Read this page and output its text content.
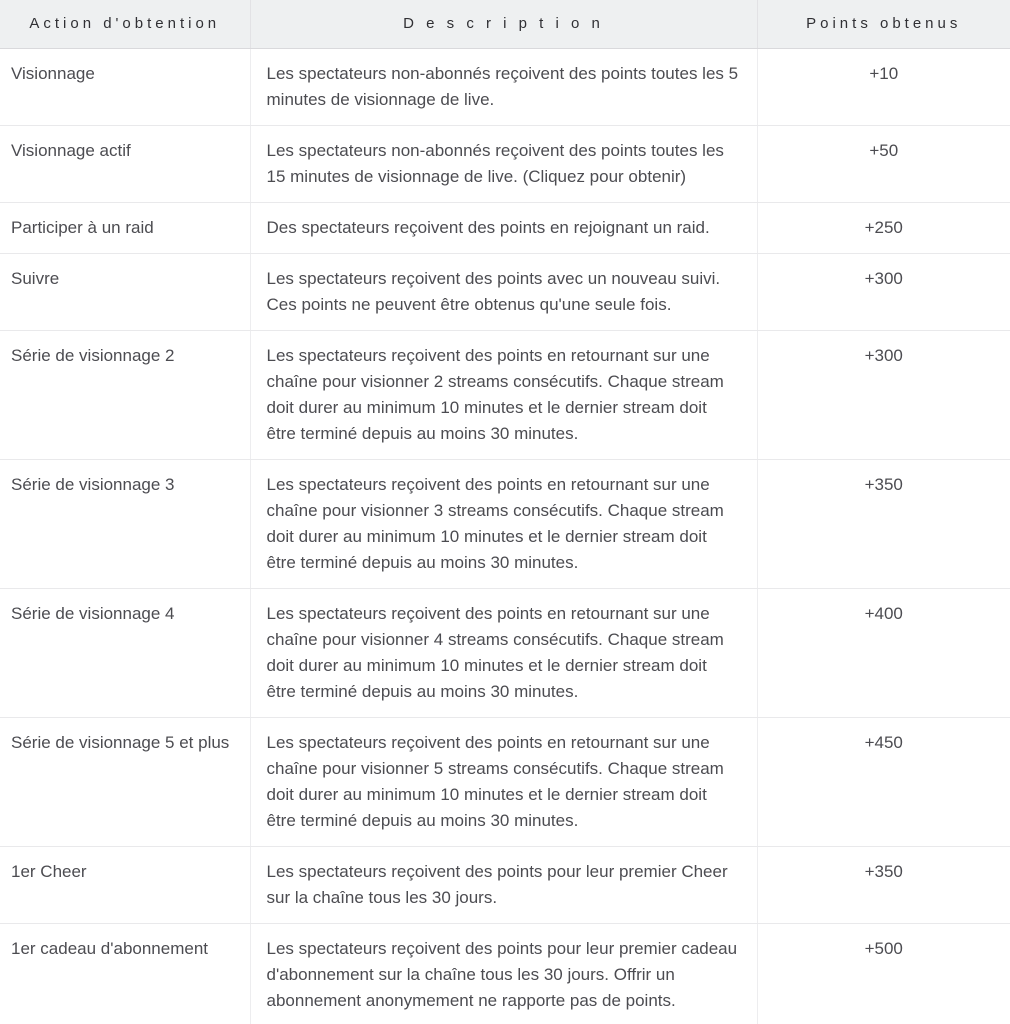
Action d'obtention	D e s c r i p t i o n	Points obtenus
Visionnage	Les spectateurs non-abonnés reçoivent des points toutes les 5 minutes de visionnage de live.	+10
Visionnage actif	Les spectateurs non-abonnés reçoivent des points toutes les 15 minutes de visionnage de live. (Cliquez pour obtenir)	+50
Participer à un raid	Des spectateurs reçoivent des points en rejoignant un raid.	+250
Suivre	Les spectateurs reçoivent des points avec un nouveau suivi. Ces points ne peuvent être obtenus qu'une seule fois.	+300
Série de visionnage 2	Les spectateurs reçoivent des points en retournant sur une chaîne pour visionner 2 streams consécutifs. Chaque stream doit durer au minimum 10 minutes et le dernier stream doit être terminé depuis au moins 30 minutes.	+300
Série de visionnage 3	Les spectateurs reçoivent des points en retournant sur une chaîne pour visionner 3 streams consécutifs. Chaque stream doit durer au minimum 10 minutes et le dernier stream doit être terminé depuis au moins 30 minutes.	+350
Série de visionnage 4	Les spectateurs reçoivent des points en retournant sur une chaîne pour visionner 4 streams consécutifs. Chaque stream doit durer au minimum 10 minutes et le dernier stream doit être terminé depuis au moins 30 minutes.	+400
Série de visionnage 5 et plus	Les spectateurs reçoivent des points en retournant sur une chaîne pour visionner 5 streams consécutifs. Chaque stream doit durer au minimum 10 minutes et le dernier stream doit être terminé depuis au moins 30 minutes.	+450
1er Cheer	Les spectateurs reçoivent des points pour leur premier Cheer sur la chaîne tous les 30 jours.	+350
1er cadeau d'abonnement	Les spectateurs reçoivent des points pour leur premier cadeau d'abonnement sur la chaîne tous les 30 jours. Offrir un abonnement anonymement ne rapporte pas de points.	+500
